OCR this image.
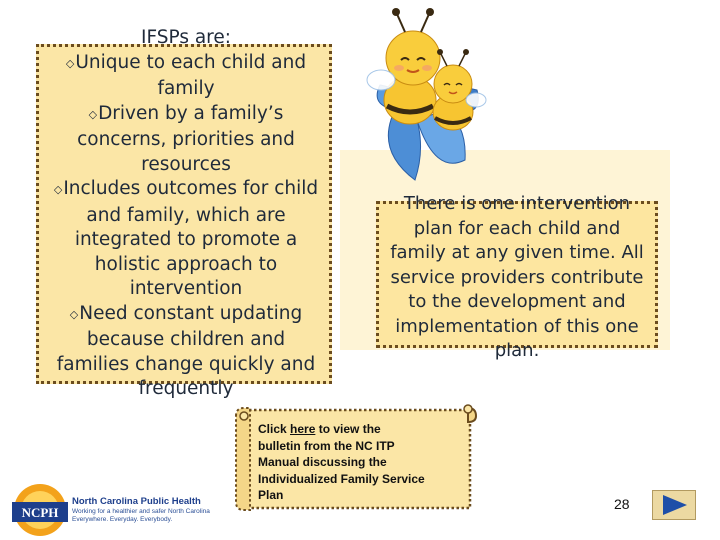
IFSPs are:
◇Unique to each child and
family
◇Driven by a family’s
concerns, priorities and
resources
◇Includes outcomes for child
and family, which are
integrated to promote a
holistic approach to
intervention
◇Need constant updating
because children and
families change quickly and
frequently
There is one intervention
plan for each child and
family at any given time. All
service providers contribute
to the development and
implementation of this one
plan.
Click here to view the
bulletin from the NC ITP
Manual discussing the
Individualized Family Service
Plan
NCPH
North Carolina Public Health
Working for a healthier and safer North Carolina
Everywhere. Everyday. Everybody.
28
